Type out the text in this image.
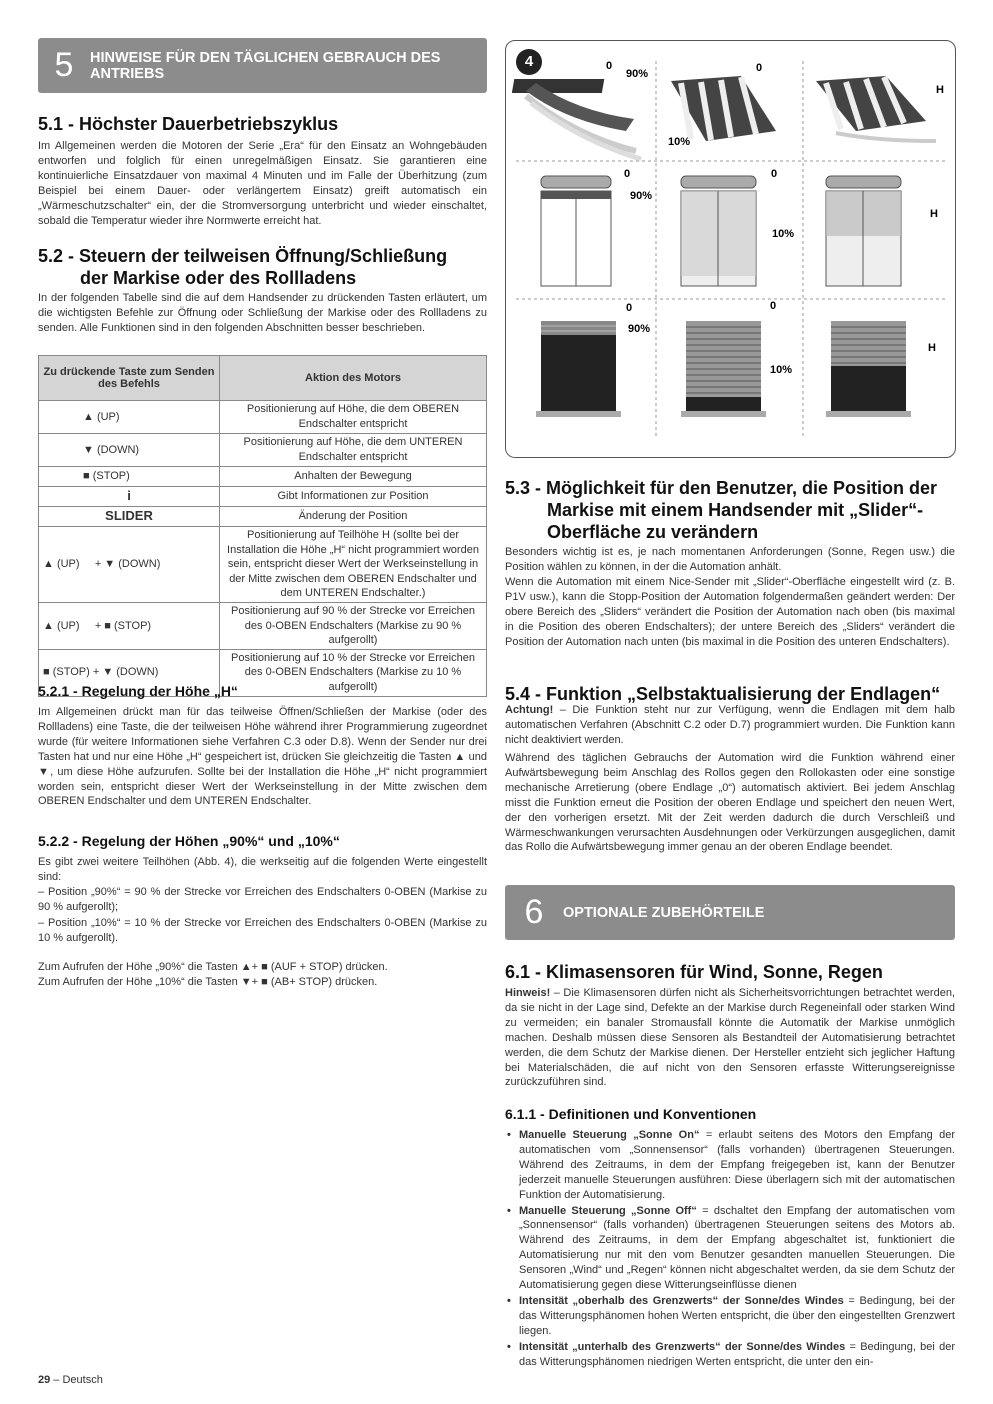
5	HINWEISE FÜR DEN TÄGLICHEN GEBRAUCH DES ANTRIEBS
5.1 - Höchster Dauerbetriebszyklus

Im Allgemeinen werden die Motoren der Serie „Era“ für den Einsatz an Wohngebäuden entworfen und folglich für einen unregelmäßigen Einsatz. Sie garantieren eine kontinuierliche Einsatzdauer von maximal 4 Minuten und im Falle der Überhitzung (zum Beispiel bei einem Dauer- oder verlängertem Einsatz) greift automatisch ein „Wärmeschutzschalter“ ein, der die Stromversorgung unterbricht und wieder einschaltet, sobald die Temperatur wieder ihre Normwerte erreicht hat.

5.2 - Steuern der teilweisen Öffnung/Schließung
der Markise oder des Rollladens

In der folgenden Tabelle sind die auf dem Handsender zu drückenden Tasten erläutert, um die wichtigsten Befehle zur Öffnung oder Schließung der Markise oder des Rollladens zu senden. Alle Funktionen sind in den folgenden Abschnitten besser beschrieben.

Zu drückende Taste zum Senden des Befehls	Aktion des Motors
▲ (UP)	Positionierung auf Höhe, die dem OBEREN Endschalter entspricht
▼ (DOWN)	Positionierung auf Höhe, die dem UNTEREN Endschalter entspricht
■ (STOP)	Anhalten der Bewegung
i	Gibt Informationen zur Position
SLIDER	Änderung der Position
▲ (UP)     + ▼ (DOWN)	Positionierung auf Teilhöhe H (sollte bei der Installation die Höhe „H“ nicht programmiert worden sein, entspricht dieser Wert der Werkseinstellung in der Mitte zwischen dem OBEREN Endschalter und dem UNTEREN Endschalter.)
▲ (UP)     + ■ (STOP)	Positionierung auf 90 % der Strecke vor Erreichen des 0-OBEN Endschalters (Markise zu 90 % aufgerollt)
■ (STOP) + ▼ (DOWN)	Positionierung auf 10 % der Strecke vor Erreichen des 0-OBEN Endschalters (Markise zu 10 % aufgerollt)
5.2.1 - Regelung der Höhe „H“

Im Allgemeinen drückt man für das teilweise Öffnen/Schließen der Markise (oder des Rollladens) eine Taste, die der teilweisen Höhe während ihrer Programmierung zugeordnet wurde (für weitere Informationen siehe Verfahren C.3 oder D.8). Wenn der Sender nur drei Tasten hat und nur eine Höhe „H“ gespeichert ist, drücken Sie gleichzeitig die Tasten ▲ und ▼, um diese Höhe aufzurufen. Sollte bei der Installation die Höhe „H“ nicht programmiert worden sein, entspricht dieser Wert der Werkseinstellung in der Mitte zwischen dem OBEREN Endschalter und dem UNTEREN Endschalter.

5.2.2 - Regelung der Höhen „90%“ und „10%“

Es gibt zwei weitere Teilhöhen (Abb. 4), die werkseitig auf die folgenden Werte eingestellt sind:

– Position „90%“ = 90 % der Strecke vor Erreichen des Endschalters 0-OBEN (Markise zu 90 % aufgerollt);

– Position „10%“ = 10 % der Strecke vor Erreichen des Endschalters 0-OBEN (Markise zu 10 % aufgerollt).

Zum Aufrufen der Höhe „90%“ die Tasten ▲+ ■ (AUF + STOP) drücken.

Zum Aufrufen der Höhe „10%“ die Tasten ▼+ ■ (AB+ STOP) drücken.

4	0
90%	0
10%
H
0
90%
0
10%
H
0
90%
0
10%
H
5.3 - Möglichkeit für den Benutzer, die Position der
Markise mit einem Handsender mit „Slider“-
Oberfläche zu verändern

Besonders wichtig ist es, je nach momentanen Anforderungen (Sonne, Regen usw.) die Position wählen zu können, in der die Automation anhält.

Wenn die Automation mit einem Nice-Sender mit „Slider“-Oberfläche eingestellt wird (z. B. P1V usw.), kann die Stopp-Position der Automation folgendermaßen geändert werden: Der obere Bereich des „Sliders“ verändert die Position der Automation nach oben (bis maximal in die Position des oberen Endschalters); der untere Bereich des „Sliders“ verändert die Position der Automation nach unten (bis maximal in die Position des unteren Endschalters).

5.4 - Funktion „Selbstaktualisierung der Endlagen“

Achtung! – Die Funktion steht nur zur Verfügung, wenn die Endlagen mit dem halb automatischen Verfahren (Abschnitt C.2 oder D.7) programmiert wurden. Die Funktion kann nicht deaktiviert werden.

Während des täglichen Gebrauchs der Automation wird die Funktion während einer Aufwärtsbewegung beim Anschlag des Rollos gegen den Rollokasten oder eine sonstige mechanische Arretierung (obere Endlage „0“) automatisch aktiviert. Bei jedem Anschlag misst die Funktion erneut die Position der oberen Endlage und speichert den neuen Wert, der den vorherigen ersetzt. Mit der Zeit werden dadurch die durch Verschleiß und Wärmeschwankungen verursachten Ausdehnungen oder Verkürzungen ausgeglichen, damit das Rollo die Aufwärtsbewegung immer genau an der oberen Endlage beendet.

6	OPTIONALE ZUBEHÖRTEILE
6.1 - Klimasensoren für Wind, Sonne, Regen

Hinweis! – Die Klimasensoren dürfen nicht als Sicherheitsvorrichtungen betrachtet werden, da sie nicht in der Lage sind, Defekte an der Markise durch Regeneinfall oder starken Wind zu vermeiden; ein banaler Stromausfall könnte die Automatik der Markise unmöglich machen. Deshalb müssen diese Sensoren als Bestandteil der Automatisierung betrachtet werden, die dem Schutz der Markise dienen. Der Hersteller entzieht sich jeglicher Haftung bei Materialschäden, die auf nicht von den Sensoren erfasste Witterungsereignisse zurückzuführen sind.

6.1.1 - Definitionen und Konventionen
• Manuelle Steuerung „Sonne On“ = erlaubt seitens des Motors den Empfang der automatischen vom „Sonnensensor“ (falls vorhanden) übertragenen Steuerungen. Während des Zeitraums, in dem der Empfang freigegeben ist, kann der Benutzer jederzeit manuelle Steuerungen ausführen: Diese überlagern sich mit der automatischen Funktion der Automatisierung.
• Manuelle Steuerung „Sonne Off“ = dschaltet den Empfang der automatischen vom „Sonnensensor“ (falls vorhanden) übertragenen Steuerungen seitens des Motors ab. Während des Zeitraums, in dem der Empfang abgeschaltet ist, funktioniert die Automatisierung nur mit den vom Benutzer gesandten manuellen Steuerungen. Die Sensoren „Wind“ und „Regen“ können nicht abgeschaltet werden, da sie dem Schutz der Automatisierung gegen diese Witterungseinflüsse dienen
• Intensität „oberhalb des Grenzwerts“ der Sonne/des Windes = Bedingung, bei der das Witterungsphänomen hohen Werten entspricht, die über den eingestellten Grenzwert liegen.
• Intensität „unterhalb des Grenzwerts“ der Sonne/des Windes = Bedingung, bei der das Witterungsphänomen niedrigen Werten entspricht, die unter den ein-
29 – Deutsch
